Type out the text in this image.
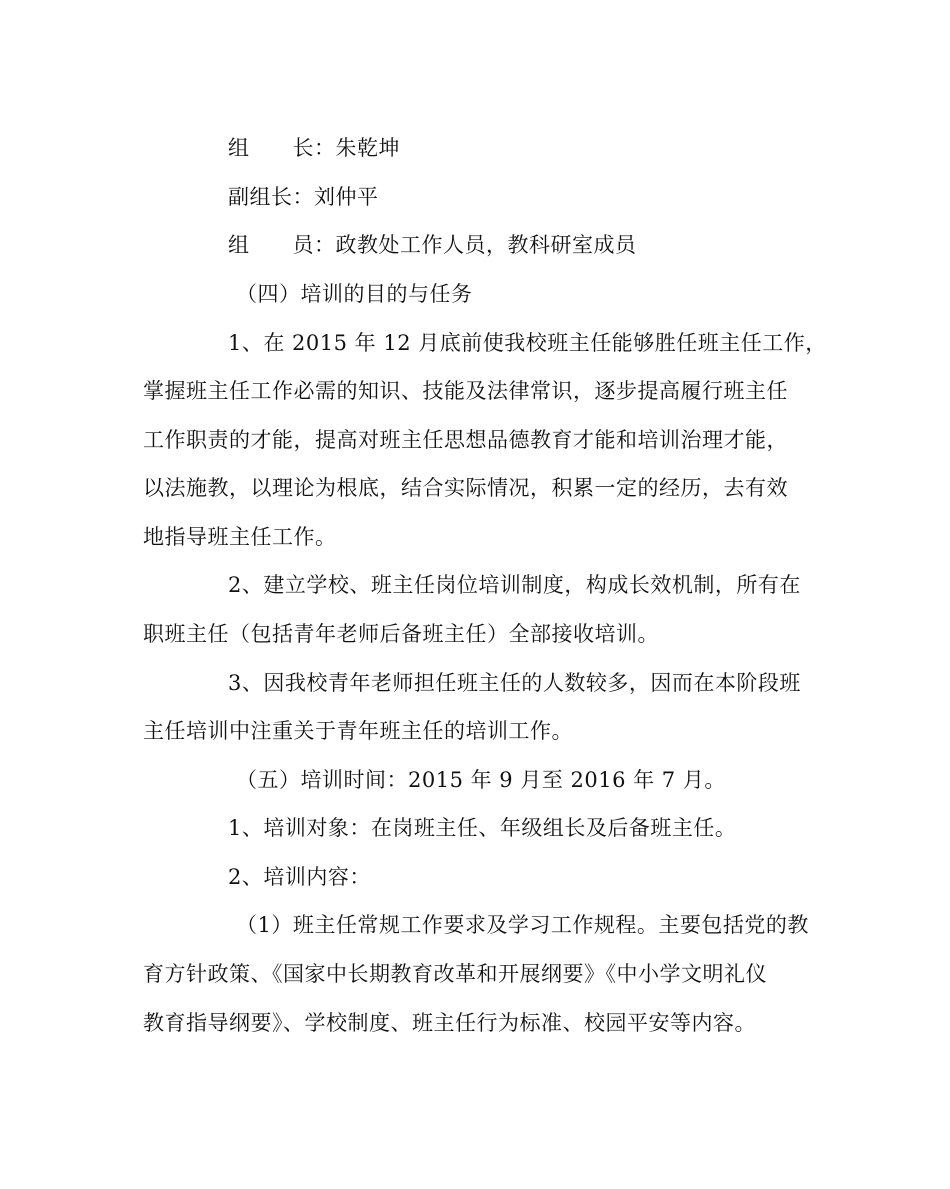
组　　长：朱乾坤
副组长：刘仲平
组　　员：政教处工作人员，教科研室成员
（四）培训的目的与任务
1、在 2015 年 12 月底前使我校班主任能够胜任班主任工作，
掌握班主任工作必需的知识、技能及法律常识，逐步提高履行班主任
工作职责的才能，提高对班主任思想品德教育才能和培训治理才能，
以法施教，以理论为根底，结合实际情况，积累一定的经历，去有效
地指导班主任工作。
2、建立学校、班主任岗位培训制度，构成长效机制，所有在
职班主任（包括青年老师后备班主任）全部接收培训。
3、因我校青年老师担任班主任的人数较多，因而在本阶段班
主任培训中注重关于青年班主任的培训工作。
（五）培训时间：2015 年 9 月至 2016 年 7 月。
1、培训对象：在岗班主任、年级组长及后备班主任。
2、培训内容：
（1）班主任常规工作要求及学习工作规程。主要包括党的教
育方针政策、《国家中长期教育改革和开展纲要》《中小学文明礼仪
教育指导纲要》、学校制度、班主任行为标准、校园平安等内容。
